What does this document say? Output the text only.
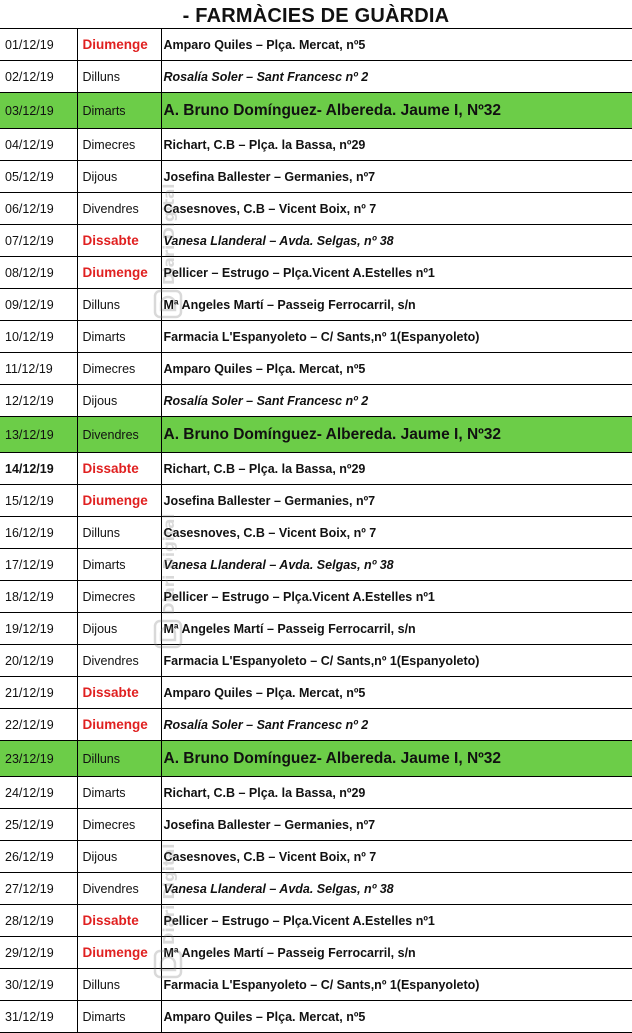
- FARMÀCIES DE GUÀRDIA
01/12/19	Diumenge	Amparo Quiles – Plça. Mercat, nº5
02/12/19	Dilluns	Rosalía Soler – Sant Francesc nº 2
03/12/19	Dimarts	A. Bruno Domínguez- Albereda. Jaume I, Nº32
04/12/19	Dimecres	Richart, C.B – Plça. la Bassa, nº29
05/12/19	Dijous	Josefina Ballester – Germanies, nº7
06/12/19	Divendres	Casesnoves, C.B – Vicent Boix, nº 7
07/12/19	Dissabte	Vanesa Llanderal – Avda. Selgas, nº 38
08/12/19	Diumenge	Pellicer – Estrugo – Plça.Vicent A.Estelles nº1
09/12/19	Dilluns	Mª Angeles Martí – Passeig Ferrocarril, s/n
10/12/19	Dimarts	Farmacia L'Espanyoleto – C/ Sants,nº 1(Espanyoleto)
11/12/19	Dimecres	Amparo Quiles – Plça. Mercat, nº5
12/12/19	Dijous	Rosalía Soler – Sant Francesc nº 2
13/12/19	Divendres	A. Bruno Domínguez- Albereda. Jaume I, Nº32
14/12/19	Dissabte	Richart, C.B – Plça. la Bassa, nº29
15/12/19	Diumenge	Josefina Ballester – Germanies, nº7
16/12/19	Dilluns	Casesnoves, C.B – Vicent Boix, nº 7
17/12/19	Dimarts	Vanesa Llanderal – Avda. Selgas, nº 38
18/12/19	Dimecres	Pellicer – Estrugo – Plça.Vicent A.Estelles nº1
19/12/19	Dijous	Mª Angeles Martí – Passeig Ferrocarril, s/n
20/12/19	Divendres	Farmacia L'Espanyoleto – C/ Sants,nº 1(Espanyoleto)
21/12/19	Dissabte	Amparo Quiles – Plça. Mercat, nº5
22/12/19	Diumenge	Rosalía Soler – Sant Francesc nº 2
23/12/19	Dilluns	A. Bruno Domínguez- Albereda. Jaume I, Nº32
24/12/19	Dimarts	Richart, C.B – Plça. la Bassa, nº29
25/12/19	Dimecres	Josefina Ballester – Germanies, nº7
26/12/19	Dijous	Casesnoves, C.B – Vicent Boix, nº 7
27/12/19	Divendres	Vanesa Llanderal – Avda. Selgas, nº 38
28/12/19	Dissabte	Pellicer – Estrugo – Plça.Vicent A.Estelles nº1
29/12/19	Diumenge	Mª Angeles Martí – Passeig Ferrocarril, s/n
30/12/19	Dilluns	Farmacia L'Espanyoleto – C/ Sants,nº 1(Espanyoleto)
31/12/19	Dimarts	Amparo Quiles – Plça. Mercat, nº5
Diari Digital
Diari Digital
Diari Digital
